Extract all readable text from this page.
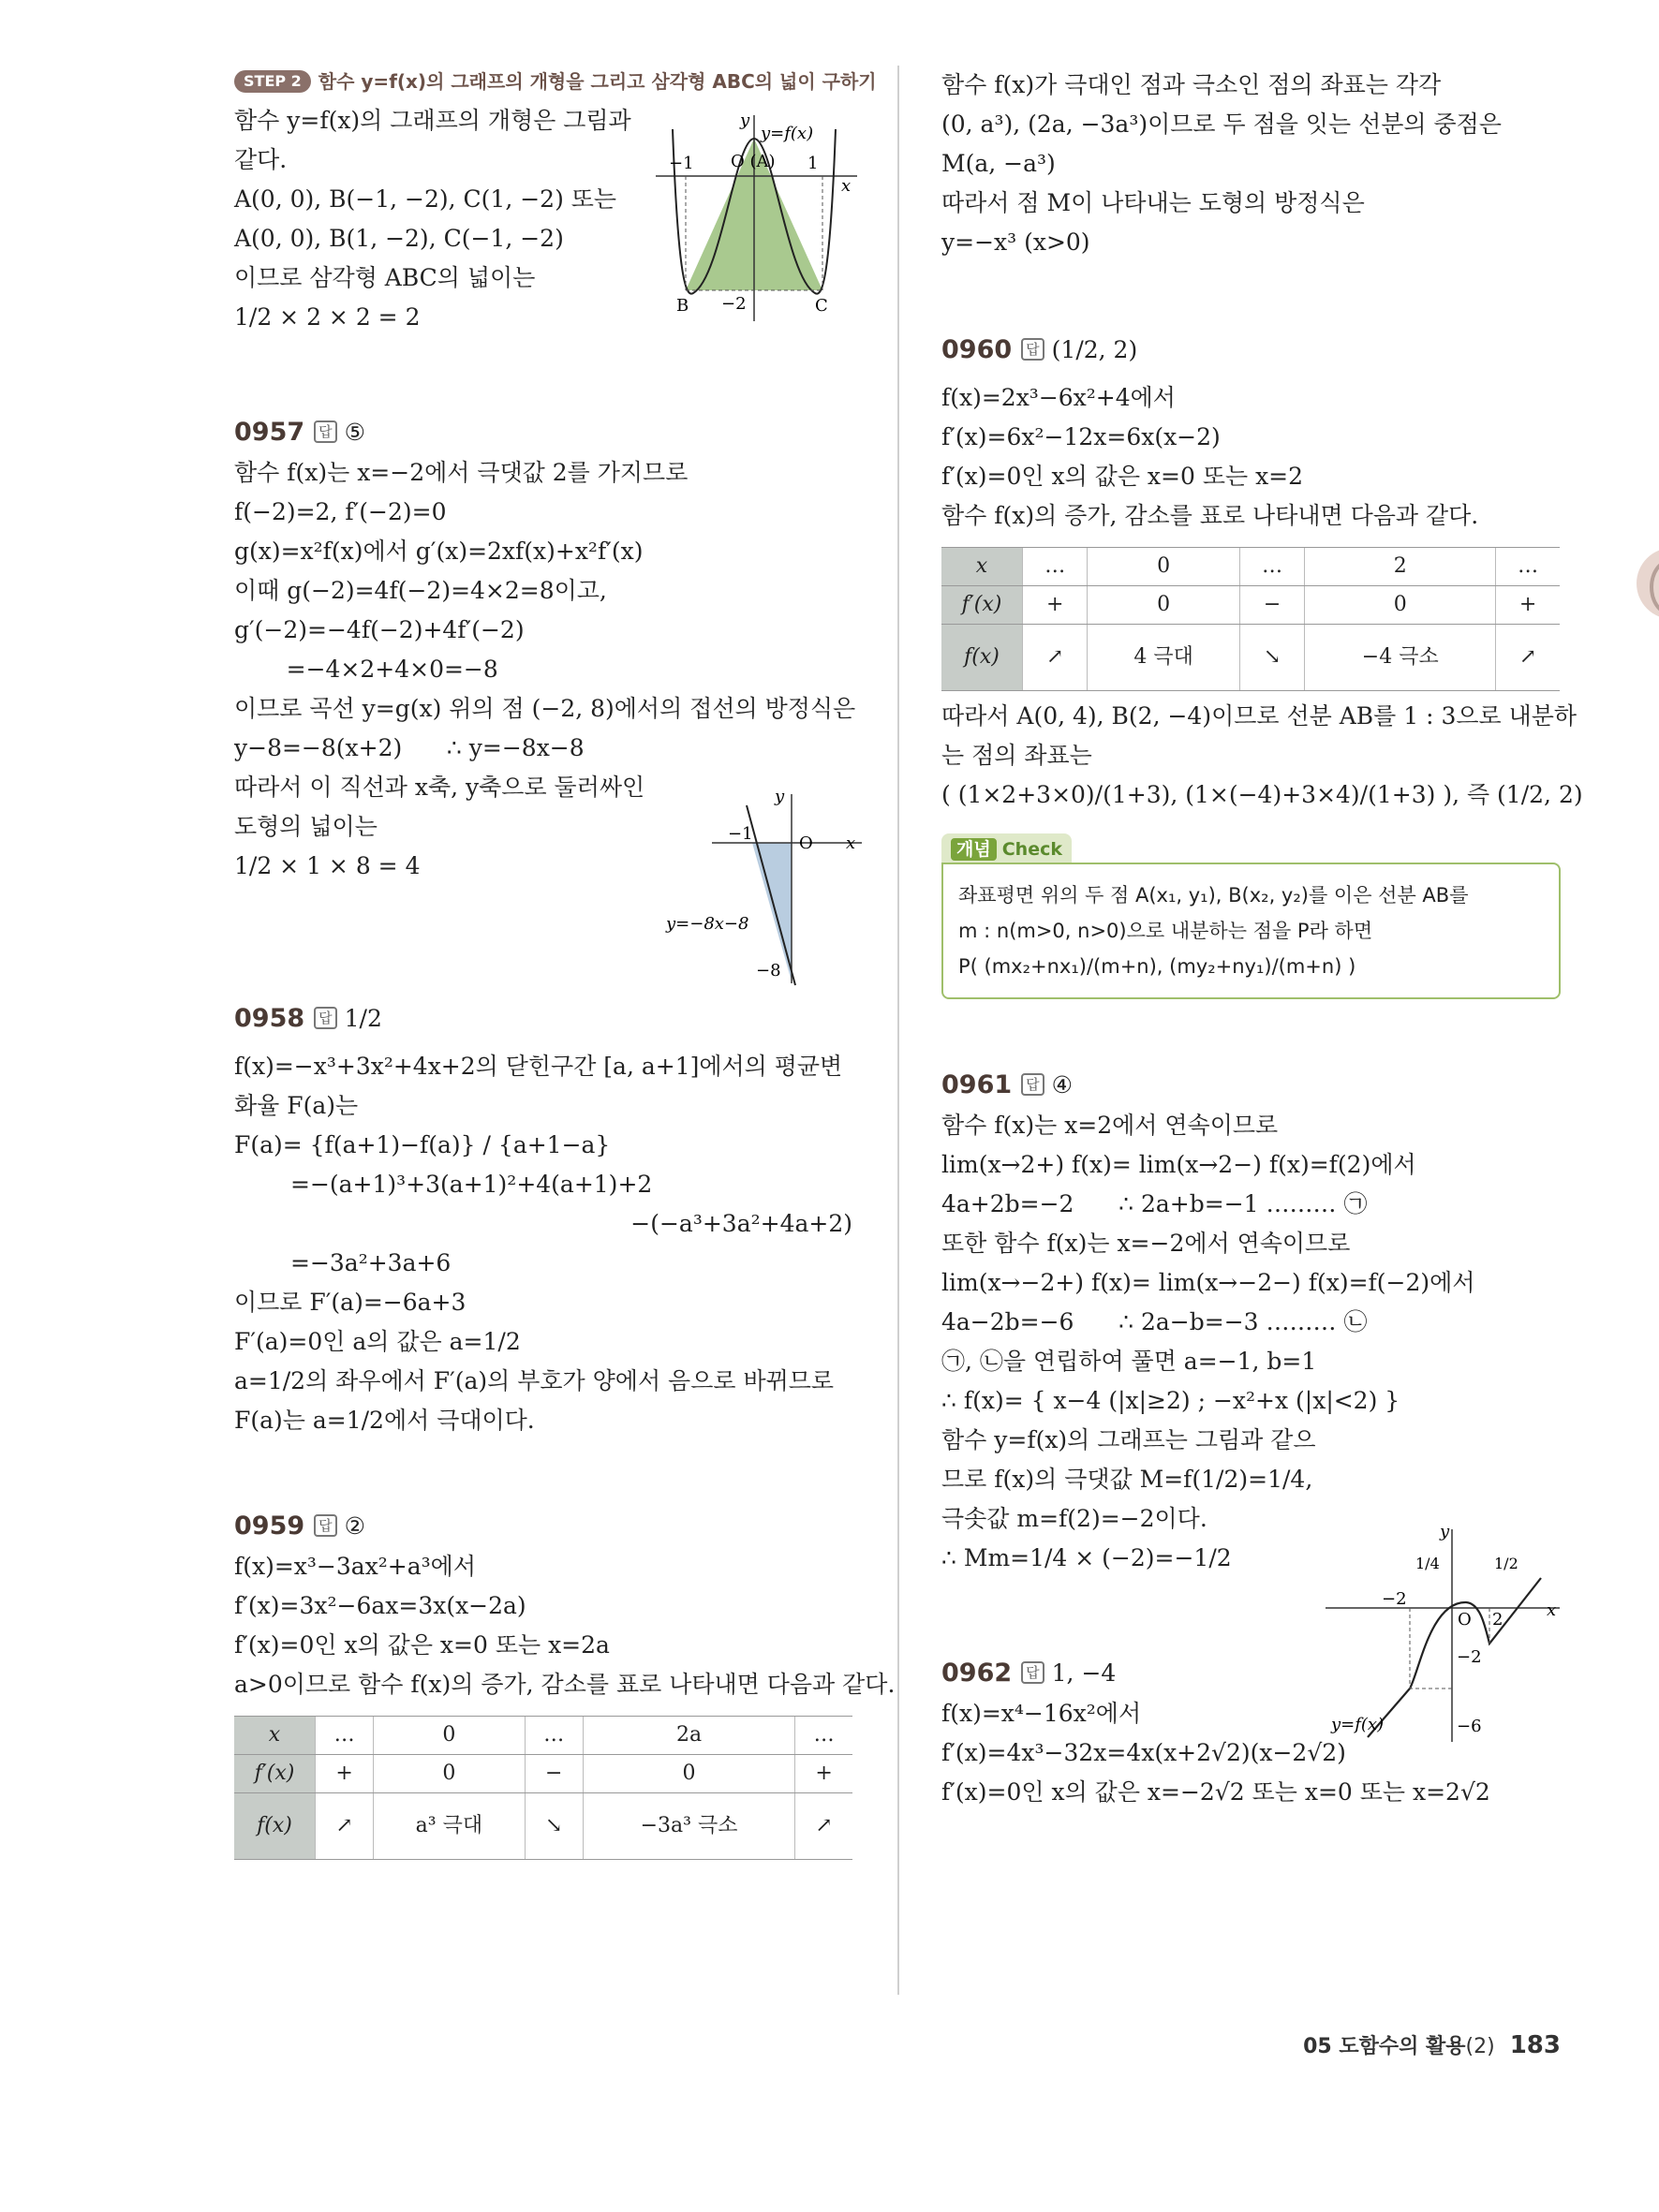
STEP 2 함수 y=f(x)의 그래프의 개형을 그리고 삼각형 ABC의 넓이 구하기

함수 y=f(x)의 그래프의 개형은 그림과

같다.

A(0, 0), B(−1, −2), C(1, −2) 또는

A(0, 0), B(1, −2), C(−1, −2)

이므로 삼각형 ABC의 넓이는

1/2 × 2 × 2 = 2

0957 답 ⑤

함수 f(x)는 x=−2에서 극댓값 2를 가지므로

f(−2)=2, f′(−2)=0

g(x)=x²f(x)에서 g′(x)=2xf(x)+x²f′(x)

이때 g(−2)=4f(−2)=4×2=8이고,

g′(−2)=−4f(−2)+4f′(−2)

=−4×2+4×0=−8

이므로 곡선 y=g(x) 위의 점 (−2, 8)에서의 접선의 방정식은

y−8=−8(x+2)      ∴ y=−8x−8

따라서 이 직선과 x축, y축으로 둘러싸인

도형의 넓이는

1/2 × 1 × 8 = 4

0958 답 1/2

f(x)=−x³+3x²+4x+2의 닫힌구간 [a, a+1]에서의 평균변

화율 F(a)는

F(a)= {f(a+1)−f(a)} / {a+1−a}

=−(a+1)³+3(a+1)²+4(a+1)+2

−(−a³+3a²+4a+2)

=−3a²+3a+6

이므로 F′(a)=−6a+3

F′(a)=0인 a의 값은 a=1/2

a=1/2의 좌우에서 F′(a)의 부호가 양에서 음으로 바뀌므로

F(a)는 a=1/2에서 극대이다.

0959 답 ②

f(x)=x³−3ax²+a³에서

f′(x)=3x²−6ax=3x(x−2a)

f′(x)=0인 x의 값은 x=0 또는 x=2a

a>0이므로 함수 f(x)의 증가, 감소를 표로 나타내면 다음과 같다.

x	…	0	…	2a	…
f′(x)	+	0	−	0	+
f(x)	↗	a³ 극대	↘	−3a³ 극소	↗
y
y=f(x)
−1 O (A) 1
x
B −2	C
y
−1	O x
y=−8x−8
−8

함수 f(x)가 극대인 점과 극소인 점의 좌표는 각각

(0, a³), (2a, −3a³)이므로 두 점을 잇는 선분의 중점은

M(a, −a³)

따라서 점 M이 나타내는 도형의 방정식은

y=−x³ (x>0)

0960 답 (1/2, 2)

f(x)=2x³−6x²+4에서

f′(x)=6x²−12x=6x(x−2)

f′(x)=0인 x의 값은 x=0 또는 x=2

함수 f(x)의 증가, 감소를 표로 나타내면 다음과 같다.

x	…	0	…	2	…
f′(x)	+	0	−	0	+
f(x)	↗	4 극대	↘	−4 극소	↗

따라서 A(0, 4), B(2, −4)이므로 선분 AB를 1 : 3으로 내분하

는 점의 좌표는

( (1×2+3×0)/(1+3), (1×(−4)+3×4)/(1+3) ), 즉 (1/2, 2)

개념 Check

좌표평면 위의 두 점 A(x₁, y₁), B(x₂, y₂)를 이은 선분 AB를

m : n(m>0, n>0)으로 내분하는 점을 P라 하면

P( (mx₂+nx₁)/(m+n), (my₂+ny₁)/(m+n) )

0961 답 ④

함수 f(x)는 x=2에서 연속이므로

lim(x→2+) f(x)= lim(x→2−) f(x)=f(2)에서

4a+2b=−2      ∴ 2a+b=−1 ……… ㉠

또한 함수 f(x)는 x=−2에서 연속이므로

lim(x→−2+) f(x)= lim(x→−2−) f(x)=f(−2)에서

4a−2b=−6      ∴ 2a−b=−3 ……… ㉡

㉠, ㉡을 연립하여 풀면 a=−1, b=1

∴ f(x)= { x−4 (|x|≥2) ; −x²+x (|x|<2) }

함수 y=f(x)의 그래프는 그림과 같으

므로 f(x)의 극댓값 M=f(1/2)=1/4,

극솟값 m=f(2)=−2이다.

∴ Mm=1/4 × (−2)=−1/2

0962 답 1, −4

f(x)=x⁴−16x²에서

f′(x)=4x³−32x=4x(x+2√2)(x−2√2)

f′(x)=0인 x의 값은 x=−2√2 또는 x=0 또는 x=2√2

y
1/4	1/2
−2
O 2	x
−2
y=f(x)	−6
05 도함수의 활용(2) 183
